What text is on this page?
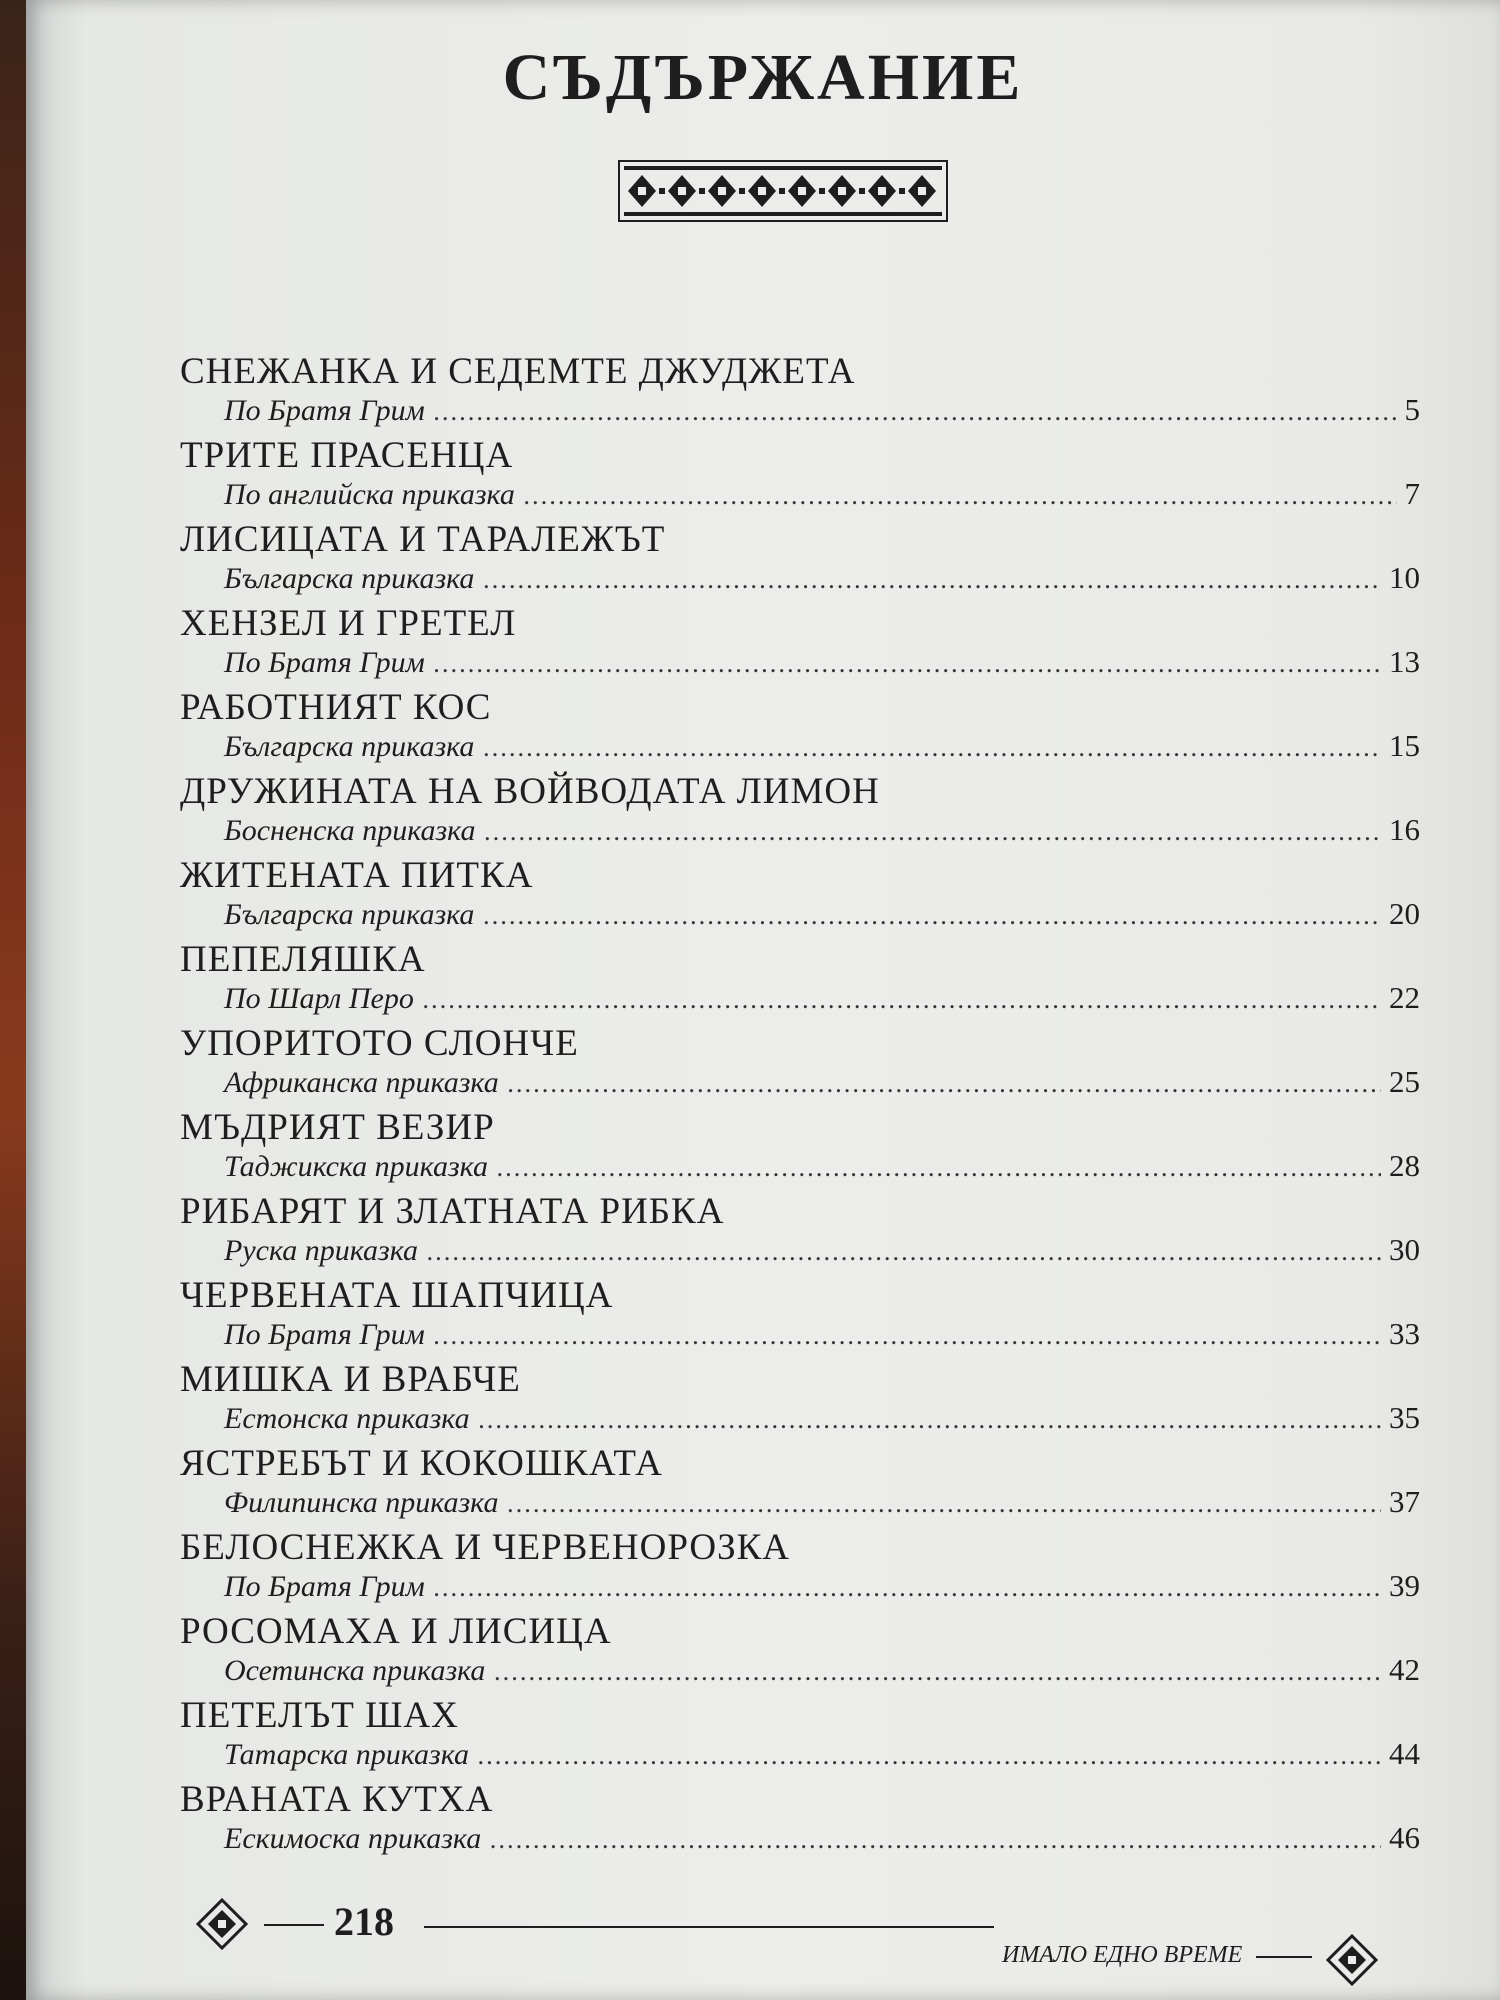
СЪДЪРЖАНИЕ
СНЕЖАНКА И СЕДЕМТЕ ДЖУДЖЕТА
По Братя Грим .....	5
ТРИТЕ ПРАСЕНЦА
По английска приказка .....	7
ЛИСИЦАТА И ТАРАЛЕЖЪТ
Българска приказка .....	10
ХЕНЗЕЛ И ГРЕТЕЛ
По Братя Грим .....	13
РАБОТНИЯТ КОС
Българска приказка .....	15
ДРУЖИНАТА НА ВОЙВОДАТА ЛИМОН
Босненска приказка .....	16
ЖИТЕНАТА ПИТКА
Българска приказка .....	20
ПЕПЕЛЯШКА
По Шарл Перо .....	22
УПОРИТОТО СЛОНЧЕ
Африканска приказка .....	25
МЪДРИЯТ ВЕЗИР
Таджикска приказка .....	28
РИБАРЯТ И ЗЛАТНАТА РИБКА
Руска приказка .....	30
ЧЕРВЕНАТА ШАПЧИЦА
По Братя Грим .....	33
МИШКА И ВРАБЧЕ
Естонска приказка .....	35
ЯСТРЕБЪТ И КОКОШКАТА
Филипинска приказка .....	37
БЕЛОСНЕЖКА И ЧЕРВЕНОРОЗКА
По Братя Грим .....	39
РОСОМАХА И ЛИСИЦА
Осетинска приказка .....	42
ПЕТЕЛЪТ ШАХ
Татарска приказка .....	44
ВРАНАТА КУТХА
Ескимоска приказка .....	46
218
ИМАЛО ЕДНО ВРЕМЕ
